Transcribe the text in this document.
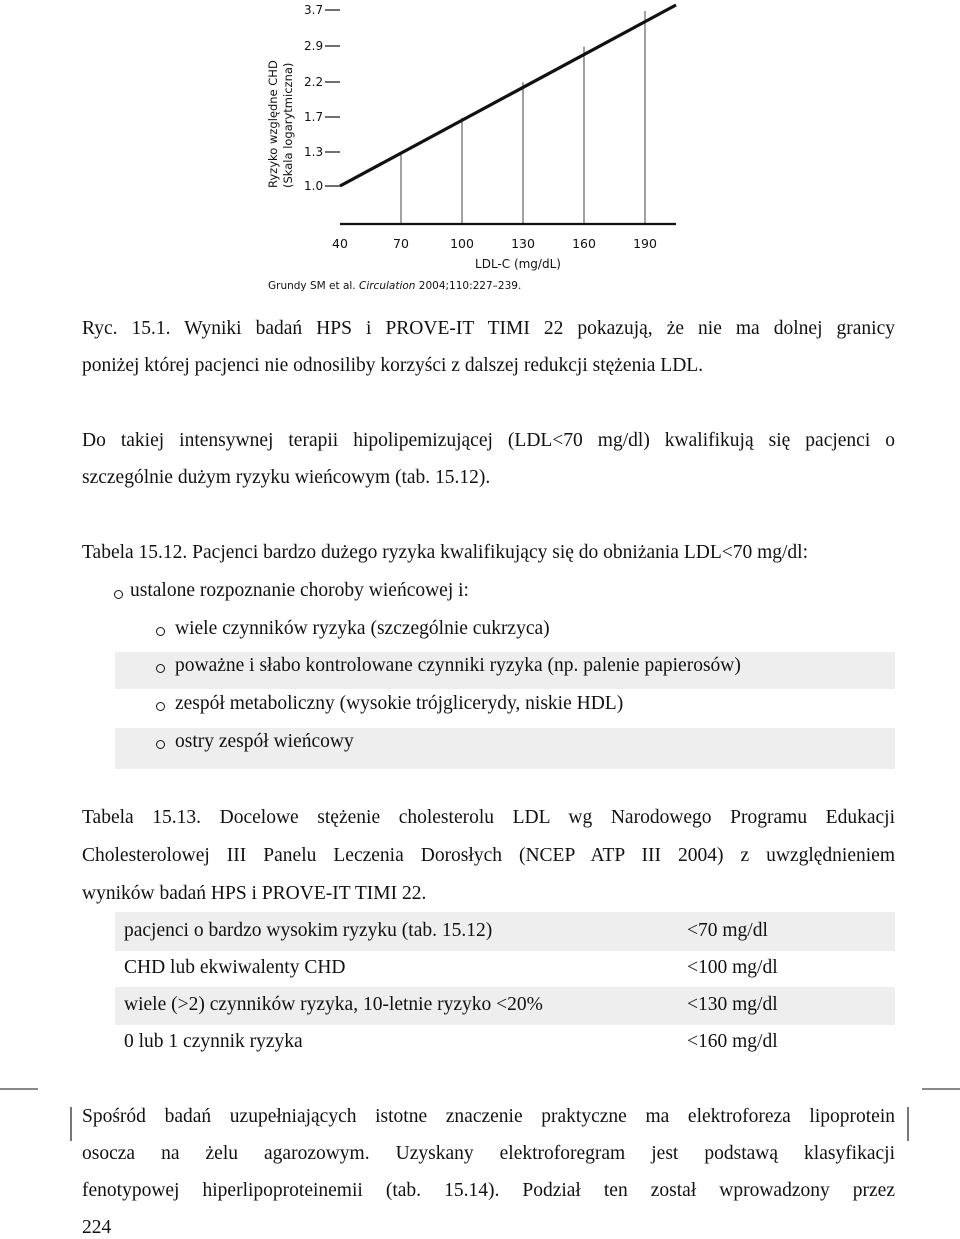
Ryzyko względne CHD (Skala logarytmiczna)
3.7
2.9
2.2
1.7
1.3
1.0
40	70	100	130	160	190
LDL-C (mg/dL)
Grundy SM et al. Circulation 2004;110:227–239.
Ryc. 15.1. Wyniki badań HPS i PROVE-IT TIMI 22 pokazują, że nie ma dolnej granicy
poniżej której pacjenci nie odnosiliby korzyści z dalszej redukcji stężenia LDL.
Do takiej intensywnej terapii hipolipemizującej (LDL<70 mg/dl) kwalifikują się pacjenci o
szczególnie dużym ryzyku wieńcowym (tab. 15.12).
Tabela 15.12. Pacjenci bardzo dużego ryzyka kwalifikujący się do obniżania LDL<70 mg/dl:
ustalone rozpoznanie choroby wieńcowej i:
wiele czynników ryzyka (szczególnie cukrzyca)
poważne i słabo kontrolowane czynniki ryzyka (np. palenie papierosów)
zespół metaboliczny (wysokie trójglicerydy, niskie HDL)
ostry zespół wieńcowy
Tabela 15.13. Docelowe stężenie cholesterolu LDL wg Narodowego Programu Edukacji
Cholesterolowej III Panelu Leczenia Dorosłych (NCEP ATP III 2004) z uwzględnieniem
wyników badań HPS i PROVE-IT TIMI 22.
pacjenci o bardzo wysokim ryzyku (tab. 15.12)	<70 mg/dl
CHD lub ekwiwalenty CHD	<100 mg/dl
wiele (>2) czynników ryzyka, 10-letnie ryzyko <20%	<130 mg/dl
0 lub 1 czynnik ryzyka	<160 mg/dl
Spośród badań uzupełniających istotne znaczenie praktyczne ma elektroforeza lipoprotein
osocza na żelu agarozowym. Uzyskany elektroforegram jest podstawą klasyfikacji
fenotypowej hiperlipoproteinemii (tab. 15.14). Podział ten został wprowadzony przez
224
